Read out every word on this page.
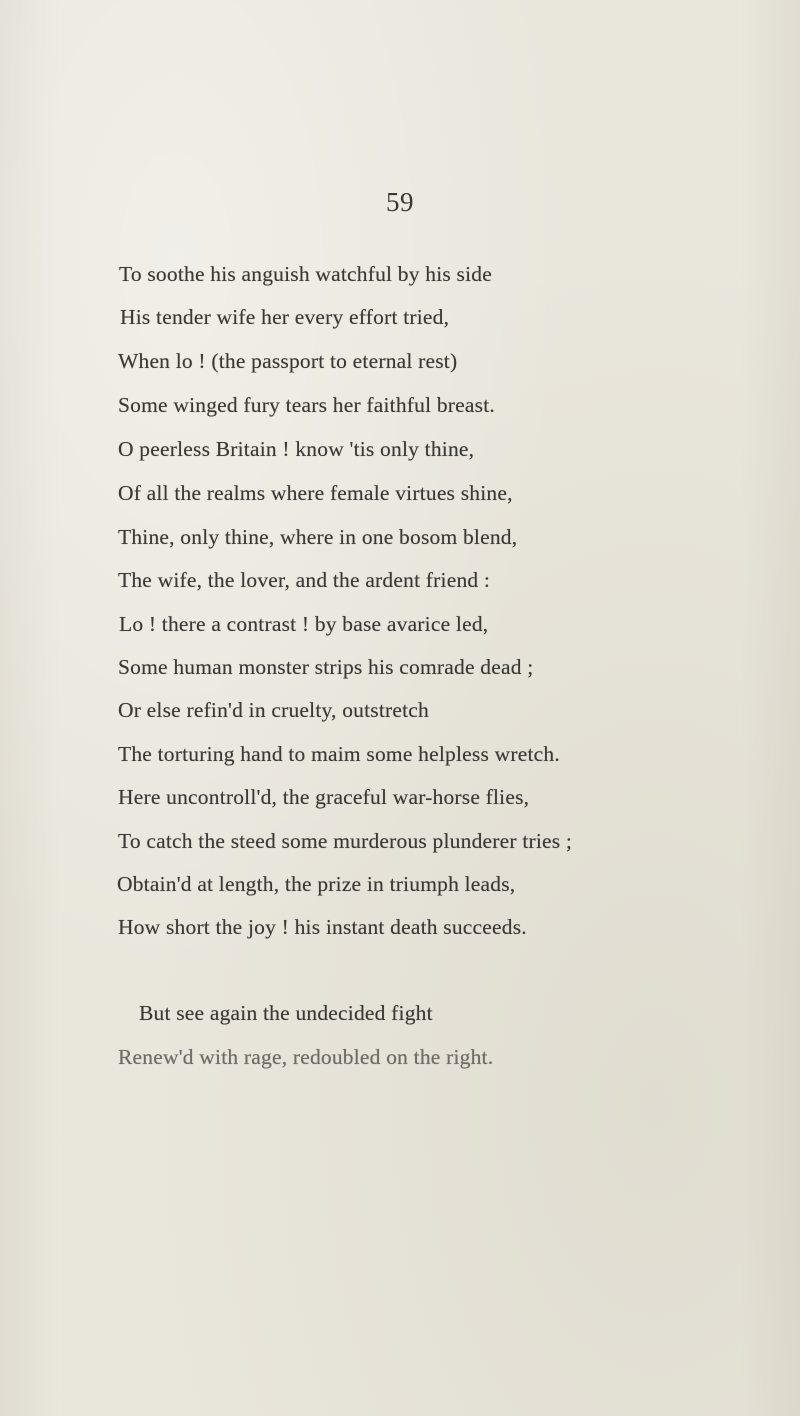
59
To soothe his anguish watchful by his side
His tender wife her every effort tried,
When lo ! (the passport to eternal rest)
Some winged fury tears her faithful breast.
O peerless Britain ! know 'tis only thine,
Of all the realms where female virtues shine,
Thine, only thine, where in one bosom blend,
The wife, the lover, and the ardent friend :
Lo ! there a contrast ! by base avarice led,
Some human monster strips his comrade dead ;
Or else refin'd in cruelty, outstretch
The torturing hand to maim some helpless wretch.
Here uncontroll'd, the graceful war-horse flies,
To catch the steed some murderous plunderer tries ;
Obtain'd at length, the prize in triumph leads,
How short the joy ! his instant death succeeds.
But see again the undecided fight
Renew'd with rage, redoubled on the right.
